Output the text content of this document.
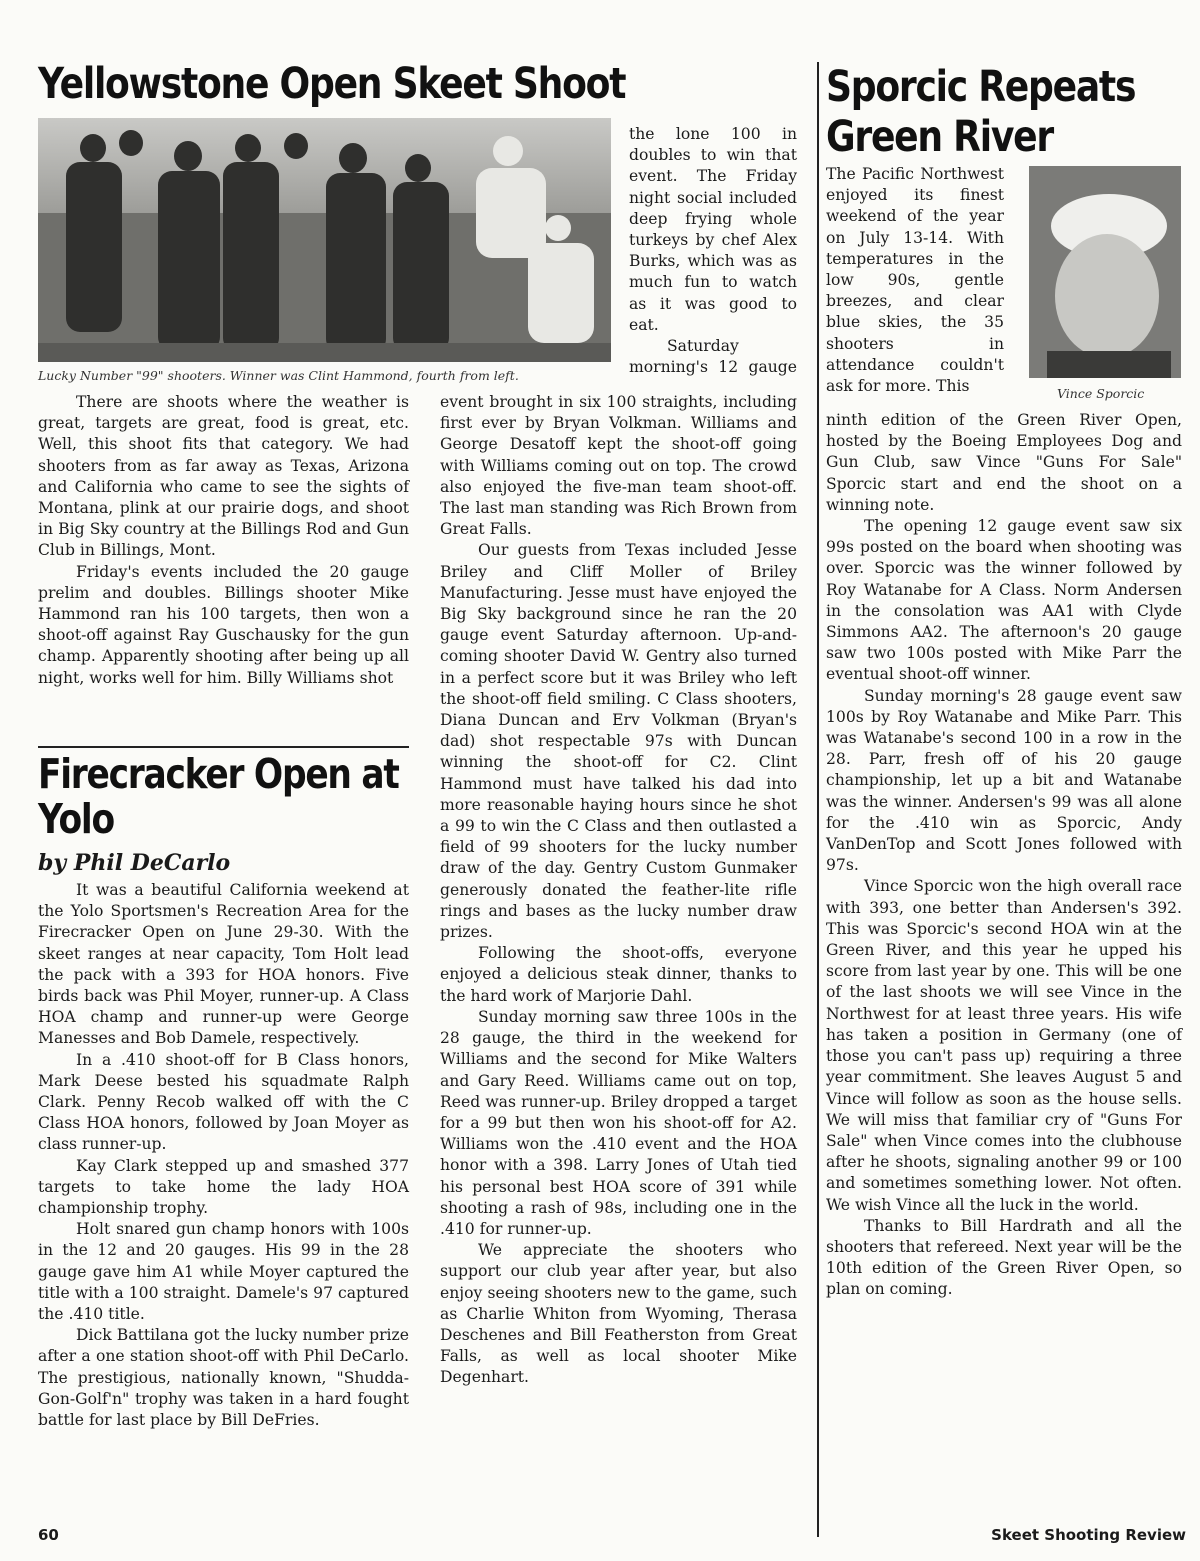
Yellowstone Open Skeet Shoot

Lucky Number "99" shooters. Winner was Clint Hammond, fourth from left.

the lone 100 in doubles to win that event. The Friday night social included deep frying whole turkeys by chef Alex Burks, which was as much fun to watch as it was good to eat.

Saturday morning's 12 gauge

There are shoots where the weather is great, targets are great, food is great, etc. Well, this shoot fits that category. We had shooters from as far away as Texas, Arizona and California who came to see the sights of Montana, plink at our prairie dogs, and shoot in Big Sky country at the Billings Rod and Gun Club in Billings, Mont.

Friday's events included the 20 gauge prelim and doubles. Billings shooter Mike Hammond ran his 100 targets, then won a shoot-off against Ray Guschausky for the gun champ. Apparently shooting after being up all night, works well for him. Billy Williams shot

event brought in six 100 straights, including first ever by Bryan Volkman. Williams and George Desatoff kept the shoot-off going with Williams coming out on top. The crowd also enjoyed the five-man team shoot-off. The last man standing was Rich Brown from Great Falls.

Our guests from Texas included Jesse Briley and Cliff Moller of Briley Manufacturing. Jesse must have enjoyed the Big Sky background since he ran the 20 gauge event Saturday afternoon. Up-and-coming shooter David W. Gentry also turned in a perfect score but it was Briley who left the shoot-off field smiling. C Class shooters, Diana Duncan and Erv Volkman (Bryan's dad) shot respectable 97s with Duncan winning the shoot-off for C2. Clint Hammond must have talked his dad into more reasonable haying hours since he shot a 99 to win the C Class and then outlasted a field of 99 shooters for the lucky number draw of the day. Gentry Custom Gunmaker generously donated the feather-lite rifle rings and bases as the lucky number draw prizes.

Following the shoot-offs, everyone enjoyed a delicious steak dinner, thanks to the hard work of Marjorie Dahl.

Sunday morning saw three 100s in the 28 gauge, the third in the weekend for Williams and the second for Mike Walters and Gary Reed. Williams came out on top, Reed was runner-up. Briley dropped a target for a 99 but then won his shoot-off for A2. Williams won the .410 event and the HOA honor with a 398. Larry Jones of Utah tied his personal best HOA score of 391 while shooting a rash of 98s, including one in the .410 for runner-up.

We appreciate the shooters who support our club year after year, but also enjoy seeing shooters new to the game, such as Charlie Whiton from Wyoming, Therasa Deschenes and Bill Featherston from Great Falls, as well as local shooter Mike Degenhart.

Firecracker Open at Yolo
by Phil DeCarlo

It was a beautiful California weekend at the Yolo Sportsmen's Recreation Area for the Firecracker Open on June 29-30. With the skeet ranges at near capacity, Tom Holt lead the pack with a 393 for HOA honors. Five birds back was Phil Moyer, runner-up. A Class HOA champ and runner-up were George Manesses and Bob Damele, respectively.

In a .410 shoot-off for B Class honors, Mark Deese bested his squadmate Ralph Clark. Penny Recob walked off with the C Class HOA honors, followed by Joan Moyer as class runner-up.

Kay Clark stepped up and smashed 377 targets to take home the lady HOA championship trophy.

Holt snared gun champ honors with 100s in the 12 and 20 gauges. His 99 in the 28 gauge gave him A1 while Moyer captured the title with a 100 straight. Damele's 97 captured the .410 title.

Dick Battilana got the lucky number prize after a one station shoot-off with Phil DeCarlo. The prestigious, nationally known, "Shudda-Gon-Golf'n" trophy was taken in a hard fought battle for last place by Bill DeFries.

Sporcic Repeats
Green River
Vince Sporcic
The Pacific Northwest enjoyed its finest weekend of the year on July 13-14. With temperatures in the low 90s, gentle breezes, and clear blue skies, the 35 shooters in attendance couldn't ask for more. This

ninth edition of the Green River Open, hosted by the Boeing Employees Dog and Gun Club, saw Vince "Guns For Sale" Sporcic start and end the shoot on a winning note.

The opening 12 gauge event saw six 99s posted on the board when shooting was over. Sporcic was the winner followed by Roy Watanabe for A Class. Norm Andersen in the consolation was AA1 with Clyde Simmons AA2. The afternoon's 20 gauge saw two 100s posted with Mike Parr the eventual shoot-off winner.

Sunday morning's 28 gauge event saw 100s by Roy Watanabe and Mike Parr. This was Watanabe's second 100 in a row in the 28. Parr, fresh off of his 20 gauge championship, let up a bit and Watanabe was the winner. Andersen's 99 was all alone for the .410 win as Sporcic, Andy VanDenTop and Scott Jones followed with 97s.

Vince Sporcic won the high overall race with 393, one better than Andersen's 392. This was Sporcic's second HOA win at the Green River, and this year he upped his score from last year by one. This will be one of the last shoots we will see Vince in the Northwest for at least three years. His wife has taken a position in Germany (one of those you can't pass up) requiring a three year commitment. She leaves August 5 and Vince will follow as soon as the house sells. We will miss that familiar cry of "Guns For Sale" when Vince comes into the clubhouse after he shoots, signaling another 99 or 100 and sometimes something lower. Not often. We wish Vince all the luck in the world.

Thanks to Bill Hardrath and all the shooters that refereed. Next year will be the 10th edition of the Green River Open, so plan on coming.

60	Skeet Shooting Review
